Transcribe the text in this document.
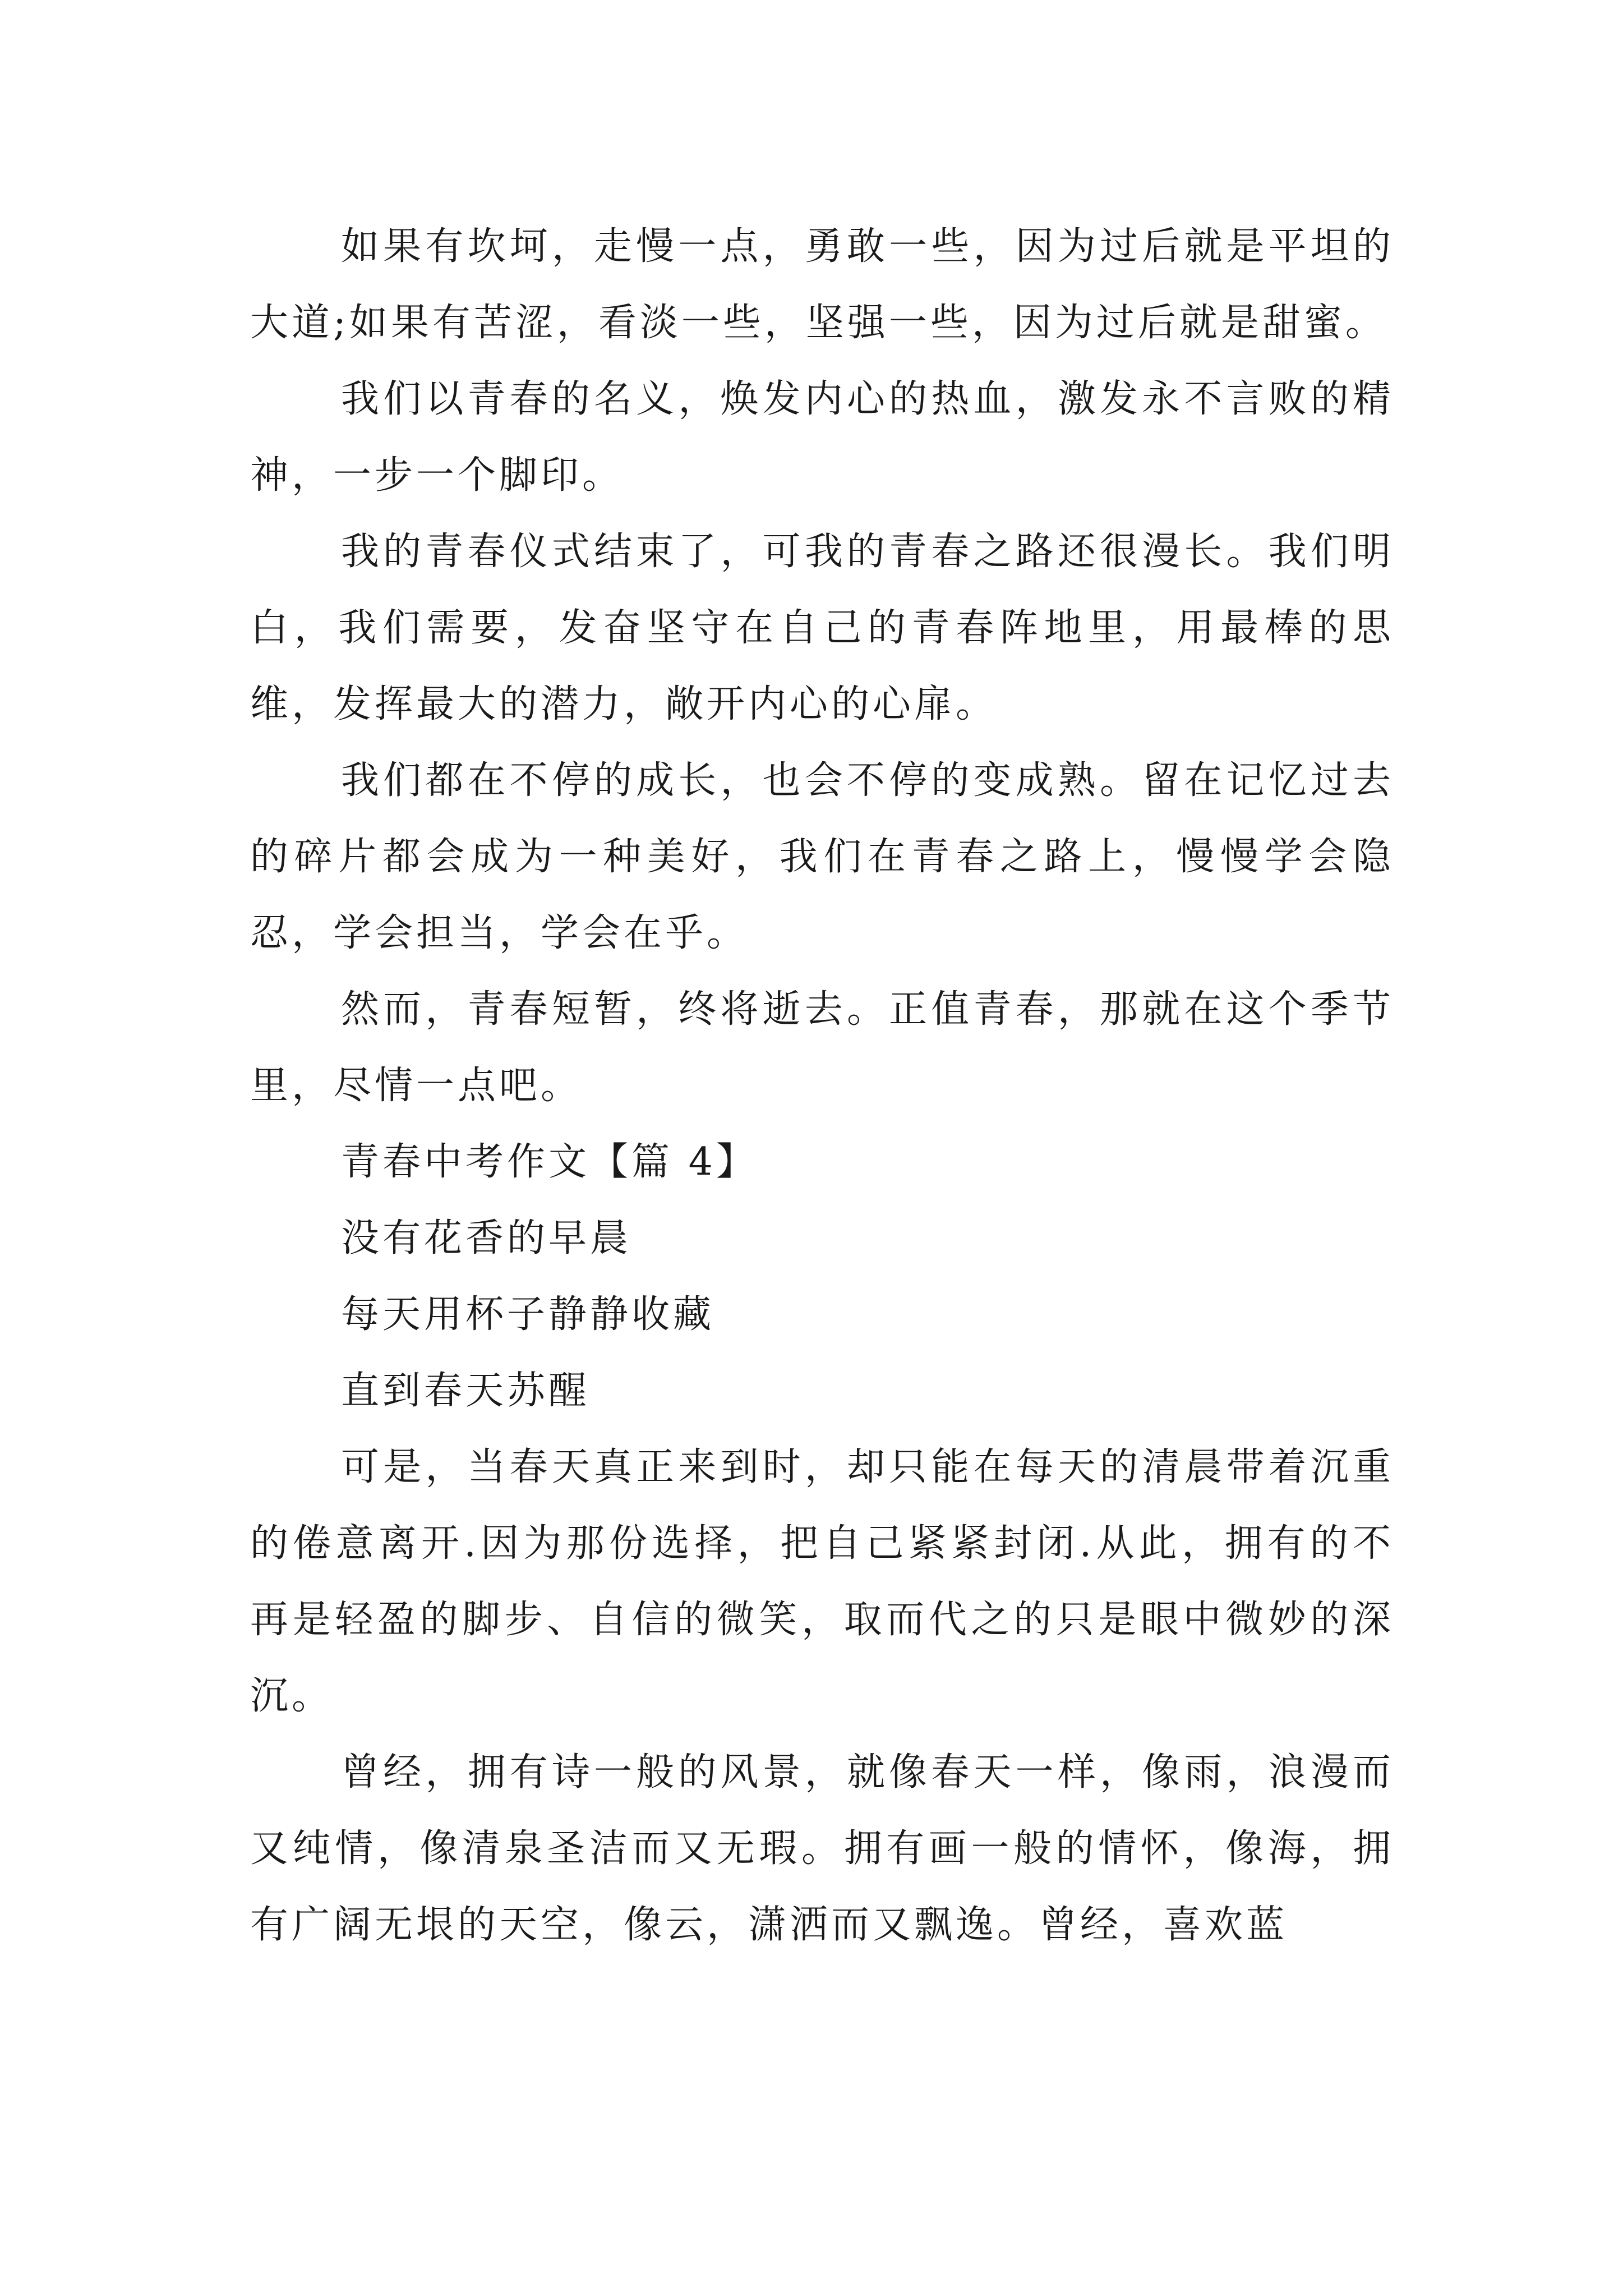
如果有坎坷，走慢一点，勇敢一些，因为过后就是平坦的大道;如果有苦涩，看淡一些，坚强一些，因为过后就是甜蜜。

我们以青春的名义，焕发内心的热血，激发永不言败的精神，一步一个脚印。

我的青春仪式结束了，可我的青春之路还很漫长。我们明白，我们需要，发奋坚守在自己的青春阵地里，用最棒的思维，发挥最大的潜力，敞开内心的心扉。

我们都在不停的成长，也会不停的变成熟。留在记忆过去的碎片都会成为一种美好，我们在青春之路上，慢慢学会隐忍，学会担当，学会在乎。

然而，青春短暂，终将逝去。正值青春，那就在这个季节里，尽情一点吧。

青春中考作文【篇 4】

没有花香的早晨

每天用杯子静静收藏

直到春天苏醒

可是，当春天真正来到时，却只能在每天的清晨带着沉重的倦意离开.因为那份选择，把自己紧紧封闭.从此，拥有的不再是轻盈的脚步、自信的微笑，取而代之的只是眼中微妙的深沉。

曾经，拥有诗一般的风景，就像春天一样，像雨，浪漫而又纯情，像清泉圣洁而又无瑕。拥有画一般的情怀，像海，拥有广阔无垠的天空，像云，潇洒而又飘逸。曾经，喜欢蓝
